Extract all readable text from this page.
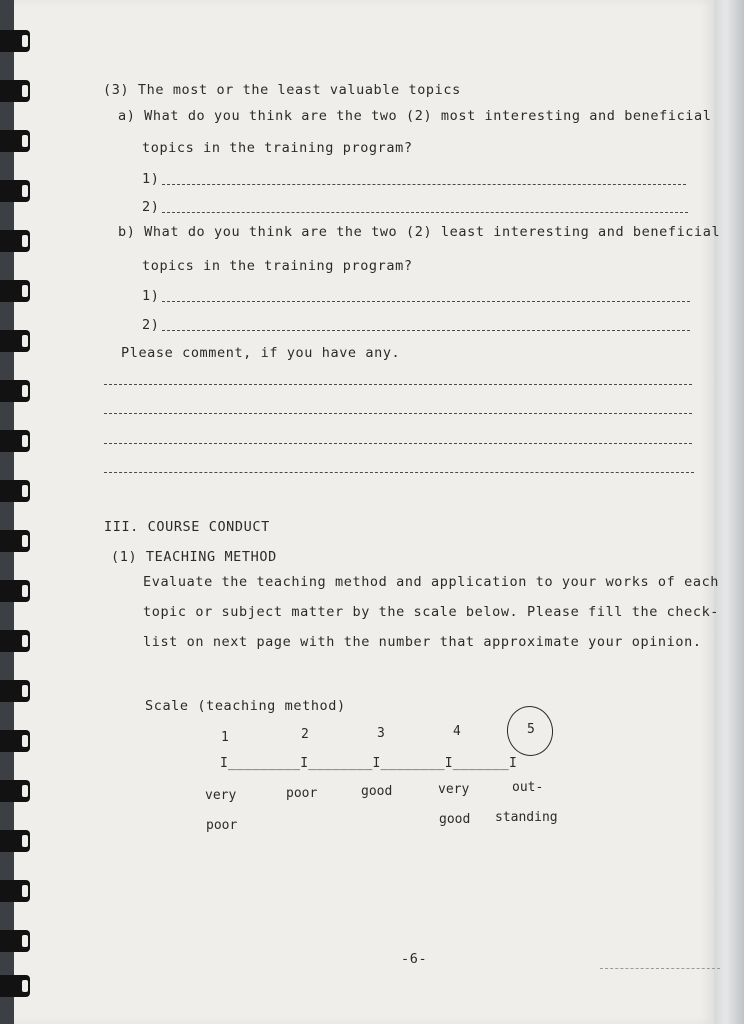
(3) The most or the least valuable topics
a) What do you think are the two (2) most interesting and beneficial
topics in the training program?
1)
2)
b) What do you think are the two (2) least interesting and beneficial
topics in the training program?
1)
2)
Please comment, if you have any.
III. COURSE CONDUCT
(1) TEACHING METHOD
Evaluate the teaching method and application to your works of each
topic or subject matter by the scale below. Please fill the check-
list on next page with the number that approximate your opinion.
Scale (teaching method)
1	2	3	4	5
I_________I________I________I_______I
very
poor
poor	good	very
good
out-
standing
-6-
